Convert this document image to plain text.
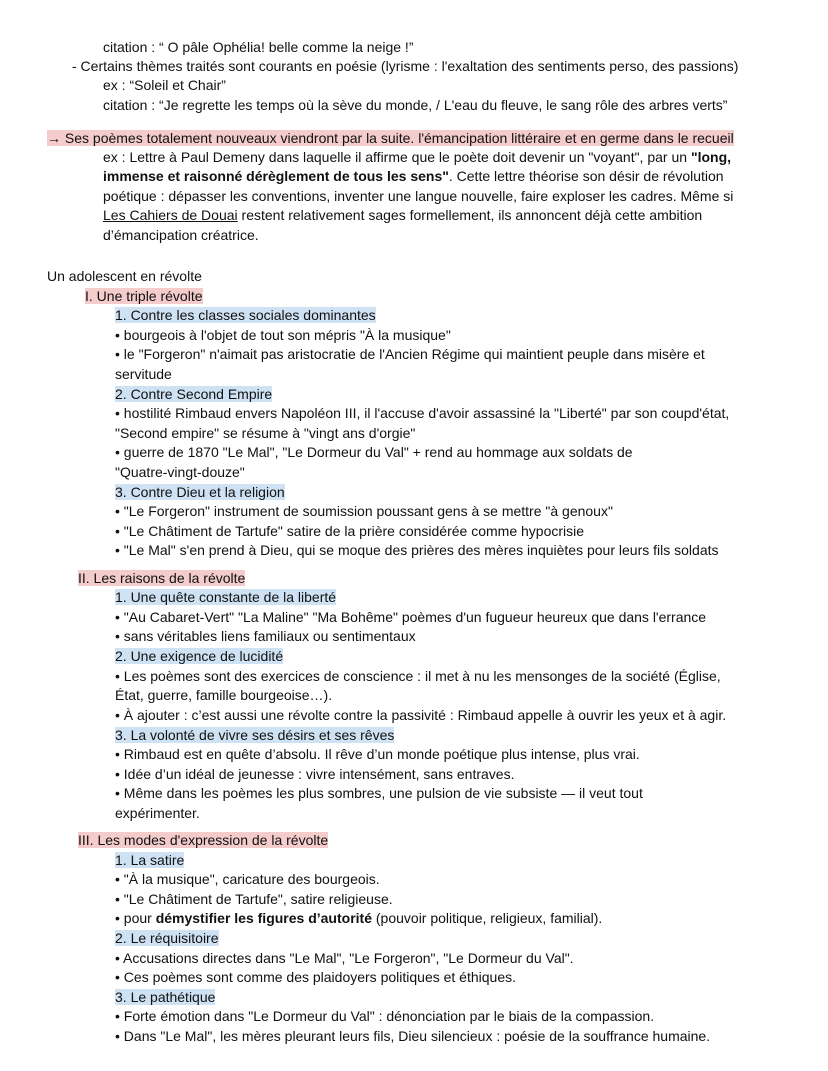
citation : “ O pâle Ophélia! belle comme la neige !”
- Certains thèmes traités sont courants en poésie (lyrisme : l'exaltation des sentiments perso, des passions)
ex : “Soleil et Chair”
citation : “Je regrette les temps où la sève du monde, / L'eau du fleuve, le sang rôle des arbres verts”
→ Ses poèmes totalement nouveaux viendront par la suite. l'émancipation littéraire et en germe dans le recueil
ex : Lettre à Paul Demeny dans laquelle il affirme que le poète doit devenir un "voyant", par un "long,
immense et raisonné dérèglement de tous les sens". Cette lettre théorise son désir de révolution
poétique : dépasser les conventions, inventer une langue nouvelle, faire exploser les cadres. Même si
Les Cahiers de Douai restent relativement sages formellement, ils annoncent déjà cette ambition
d’émancipation créatrice.
Un adolescent en révolte
I. Une triple révolte
1. Contre les classes sociales dominantes
• bourgeois à l'objet de tout son mépris "À la musique"
• le "Forgeron" n'aimait pas aristocratie de l'Ancien Régime qui maintient peuple dans misère et
servitude
2. Contre Second Empire
• hostilité Rimbaud envers Napoléon III, il l'accuse d'avoir assassiné la "Liberté" par son coupd'état,
"Second empire" se résume à "vingt ans d'orgie"
• guerre de 1870 "Le Mal", "Le Dormeur du Val" + rend au hommage aux soldats de
"Quatre-vingt-douze"
3. Contre Dieu et la religion
• "Le Forgeron" instrument de soumission poussant gens à se mettre "à genoux"
• "Le Châtiment de Tartufe" satire de la prière considérée comme hypocrisie
• "Le Mal" s'en prend à Dieu, qui se moque des prières des mères inquiètes pour leurs fils soldats
II. Les raisons de la révolte
1. Une quête constante de la liberté
• "Au Cabaret-Vert" "La Maline" "Ma Bohême" poèmes d'un fugueur heureux que dans l'errance
• sans véritables liens familiaux ou sentimentaux
2. Une exigence de lucidité
• Les poèmes sont des exercices de conscience : il met à nu les mensonges de la société (Église,
État, guerre, famille bourgeoise…).
• À ajouter : c’est aussi une révolte contre la passivité : Rimbaud appelle à ouvrir les yeux et à agir.
3. La volonté de vivre ses désirs et ses rêves
• Rimbaud est en quête d’absolu. Il rêve d’un monde poétique plus intense, plus vrai.
• Idée d’un idéal de jeunesse : vivre intensément, sans entraves.
• Même dans les poèmes les plus sombres, une pulsion de vie subsiste — il veut tout
expérimenter.
III. Les modes d'expression de la révolte
1. La satire
• "À la musique", caricature des bourgeois.
• "Le Châtiment de Tartufe", satire religieuse.
• pour démystifier les figures d’autorité (pouvoir politique, religieux, familial).
2. Le réquisitoire
• Accusations directes dans "Le Mal", "Le Forgeron", "Le Dormeur du Val".
• Ces poèmes sont comme des plaidoyers politiques et éthiques.
3. Le pathétique
• Forte émotion dans "Le Dormeur du Val" : dénonciation par le biais de la compassion.
• Dans "Le Mal", les mères pleurant leurs fils, Dieu silencieux : poésie de la souffrance humaine.
